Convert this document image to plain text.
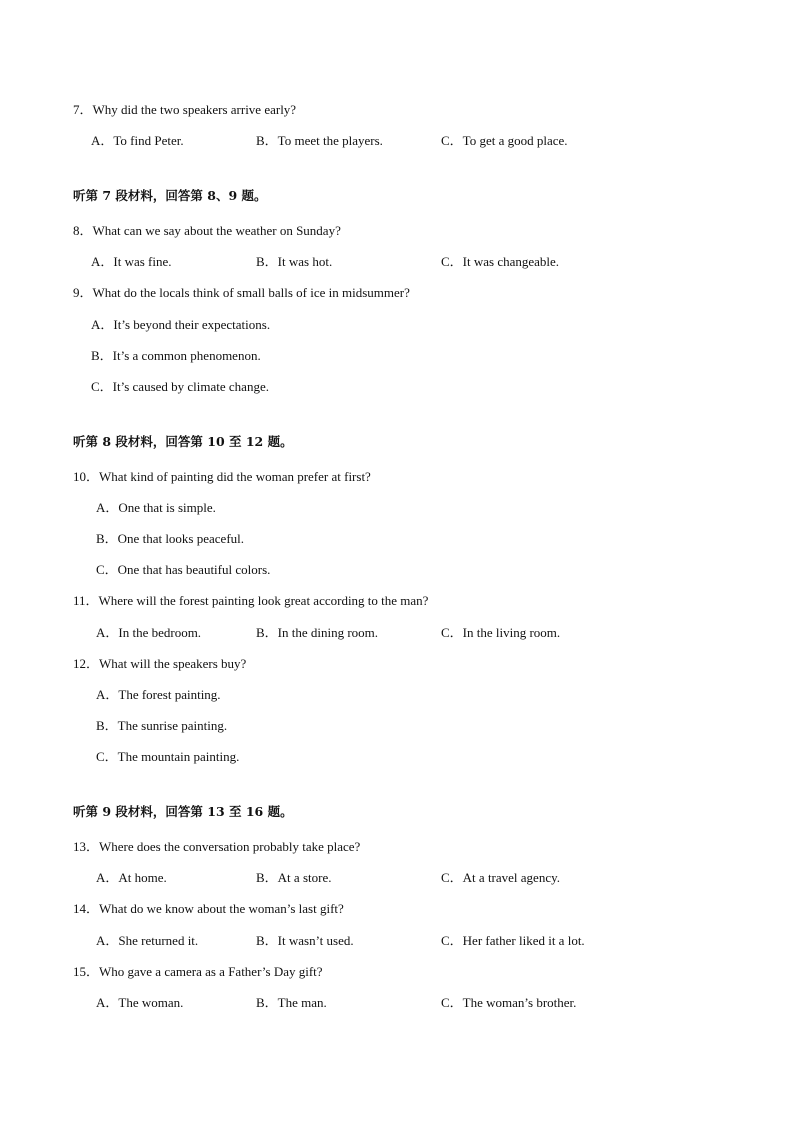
7．Why did the two speakers arrive early?
A．To find Peter.	B．To meet the players.	C．To get a good place.
听第 7 段材料，回答第 8、9 题。
8．What can we say about the weather on Sunday?
A．It was fine.	B．It was hot.	C．It was changeable.
9．What do the locals think of small balls of ice in midsummer?
A．It’s beyond their expectations.
B．It’s a common phenomenon.
C．It’s caused by climate change.
听第 8 段材料，回答第 10 至 12 题。
10．What kind of painting did the woman prefer at first?
A．One that is simple.
B．One that looks peaceful.
C．One that has beautiful colors.
11．Where will the forest painting look great according to the man?
A．In the bedroom.	B．In the dining room.	C．In the living room.
12．What will the speakers buy?
A．The forest painting.
B．The sunrise painting.
C．The mountain painting.
听第 9 段材料，回答第 13 至 16 题。
13．Where does the conversation probably take place?
A．At home.	B．At a store.	C．At a travel agency.
14．What do we know about the woman’s last gift?
A．She returned it.	B．It wasn’t used.	C．Her father liked it a lot.
15．Who gave a camera as a Father’s Day gift?
A．The woman.	B．The man.	C．The woman’s brother.
